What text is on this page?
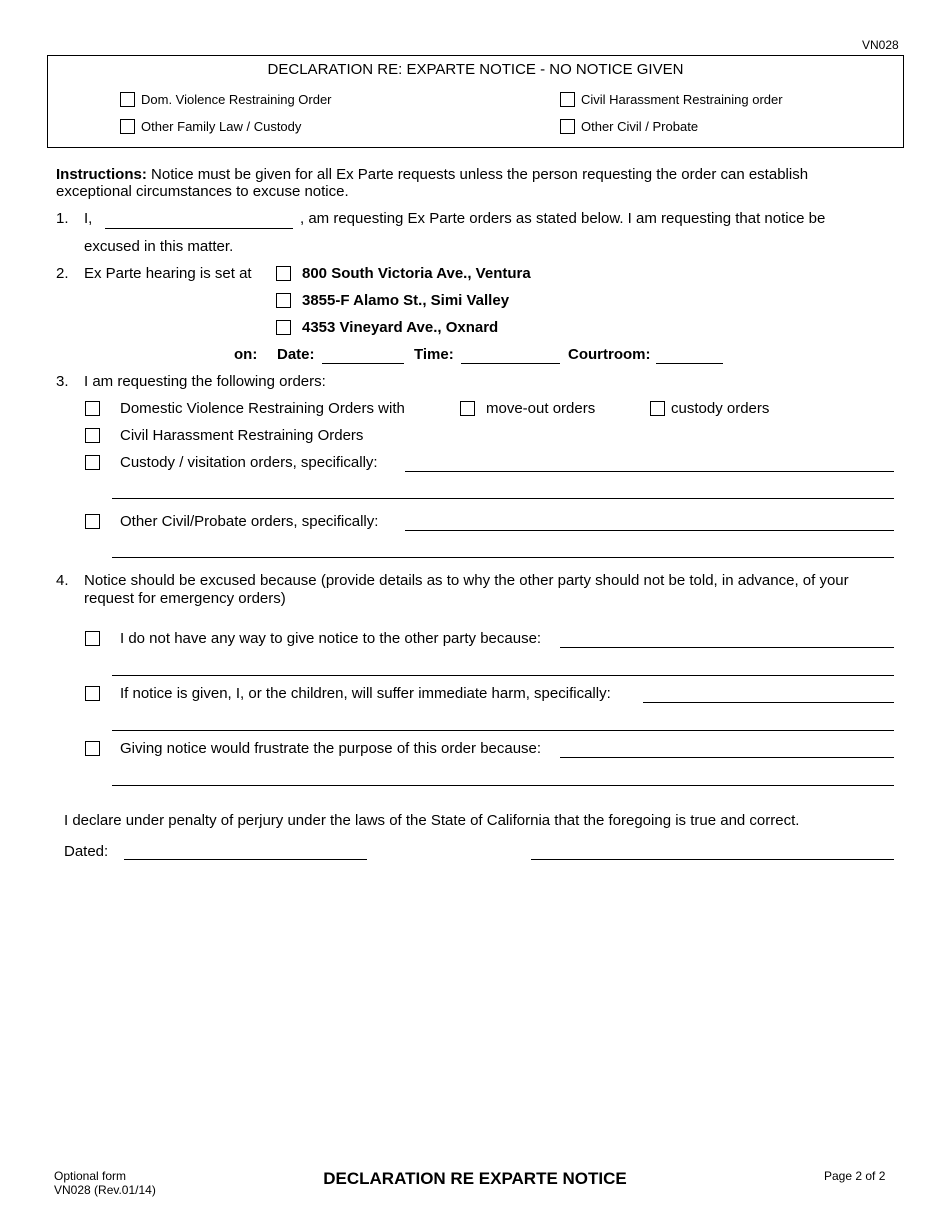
VN028
DECLARATION RE: EXPARTE NOTICE - NO NOTICE GIVEN
Dom. Violence Restraining Order	Civil Harassment Restraining order
Other Family Law / Custody	Other Civil / Probate
Instructions: Notice must be given for all Ex Parte requests unless the person requesting the order can establish
exceptional circumstances to excuse notice.
1. I,	, am requesting Ex Parte orders as stated below. I am requesting that notice be
excused in this matter.
2. Ex Parte hearing is set at	800 South Victoria Ave., Ventura
3855-F Alamo St., Simi Valley
4353 Vineyard Ave., Oxnard
on: Date:	Time:	Courtroom:
3. I am requesting the following orders:
Domestic Violence Restraining Orders with	move-out orders	custody orders
Civil Harassment Restraining Orders
Custody / visitation orders, specifically:
Other Civil/Probate orders, specifically:
4. Notice should be excused because (provide details as to why the other party should not be told, in advance, of your
request for emergency orders)
I do not have any way to give notice to the other party because:
If notice is given, I, or the children, will suffer immediate harm, specifically:
Giving notice would frustrate the purpose of this order because:
I declare under penalty of perjury under the laws of the State of California that the foregoing is true and correct.
Dated:
Optional form
VN028 (Rev.01/14)
DECLARATION RE EXPARTE NOTICE	Page 2 of 2
